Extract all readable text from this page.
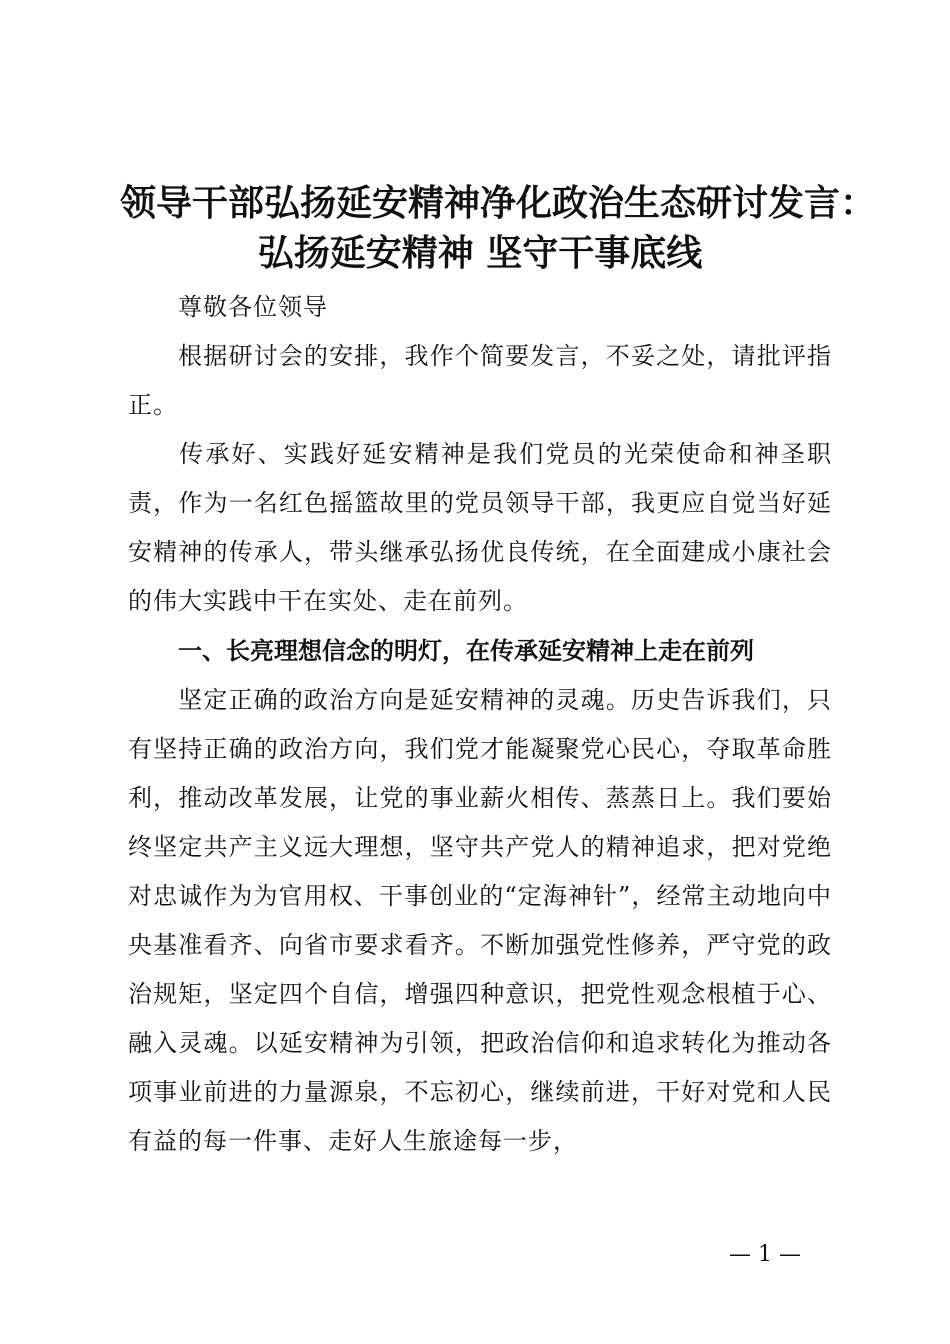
领导干部弘扬延安精神净化政治生态研讨发言：
弘扬延安精神 坚守干事底线
尊敬各位领导
根据研讨会的安排，我作个简要发言，不妥之处，请批评指正。
传承好、实践好延安精神是我们党员的光荣使命和神圣职责，作为一名红色摇篮故里的党员领导干部，我更应自觉当好延安精神的传承人，带头继承弘扬优良传统，在全面建成小康社会的伟大实践中干在实处、走在前列。
一、长亮理想信念的明灯，在传承延安精神上走在前列
坚定正确的政治方向是延安精神的灵魂。历史告诉我们，只有坚持正确的政治方向，我们党才能凝聚党心民心，夺取革命胜利，推动改革发展，让党的事业薪火相传、蒸蒸日上。我们要始终坚定共产主义远大理想，坚守共产党人的精神追求，把对党绝对忠诚作为为官用权、干事创业的“定海神针”，经常主动地向中央基准看齐、向省市要求看齐。不断加强党性修养，严守党的政治规矩，坚定四个自信，增强四种意识，把党性观念根植于心、融入灵魂。以延安精神为引领，把政治信仰和追求转化为推动各项事业前进的力量源泉，不忘初心，继续前进，干好对党和人民有益的每一件事、走好人生旅途每一步，
— 1 —
